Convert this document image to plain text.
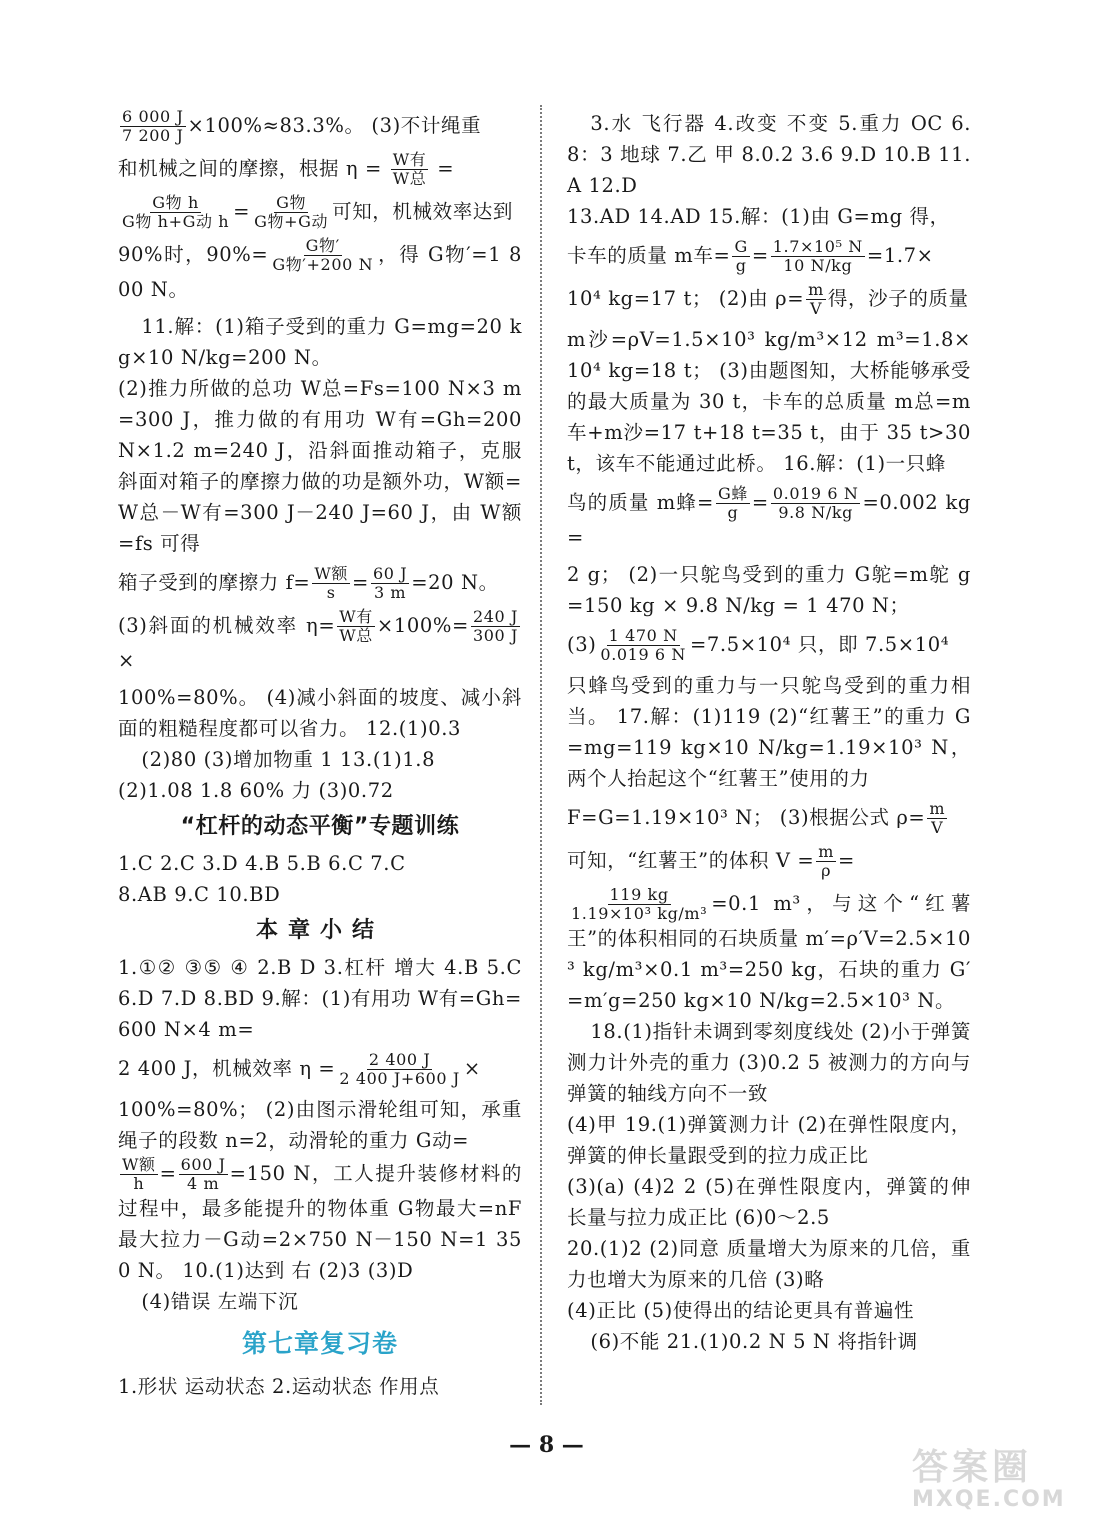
$\frac{6 000 J}{7 200 J} \times 100\%\approx 83.3\%$。 (3)不计绳重

和机械之间的摩擦，根据 $\eta = \frac{\text{W有}}{\text{W总}}$ =

$\frac{\text{G物 h}}{\text{G物 h+G动 h}} = \frac{\text{G物}}{\text{G物+G动}}$ 可知，机械效率达到

90%时，$90\%= \frac{\text{G物′}}{\text{G物′+200 N}}$ ，得 G物′=1 800 N。

11.解：(1)箱子受到的重力 G=mg=20 kg×10 N/kg=200 N。

(2)推力所做的总功 W总=Fs=100 N×3 m=300 J，推力做的有用功 W有=Gh=200 N×1.2 m=240 J，沿斜面推动箱子，克服斜面对箱子的摩擦力做的功是额外功，W额=W总－W有=300 J－240 J=60 J，由 W额=fs 可得

箱子受到的摩擦力 $f= \frac{\text{W额}}{s} = \frac{60 J}{3 m} =20$ N。

(3)斜面的机械效率 $\eta= \frac{\text{W有}}{\text{W总}} \times 100\%= \frac{240 J}{300 J}$
×

100%=80%。 (4)减小斜面的坡度、减小斜面的粗糙程度都可以省力。 12.(1)0.3

(2)80 (3)增加物重 1 13.(1)1.8

(2)1.08 1.8 60% 力 (3)0.72

“杠杆的动态平衡”专题训练

1.C 2.C 3.D 4.B 5.B 6.C 7.C

8.AB 9.C 10.BD

本章小结

1.①② ③⑤ ④ 2.B D 3.杠杆 增大 4.B 5.C 6.D 7.D 8.BD 9.解：(1)有用功 W有=Gh=600 N×4 m=

2 400 J，机械效率 $\eta = \frac{2 400 J}{2 400 J+600 J}$ ×

100%=80%； (2)由图示滑轮组可知，承重绳子的段数 n=2，动滑轮的重力 G动=

$\frac{\text{W额}}{h} = \frac{600 J}{4 m} =150$ N，工人提升装修材料的过程中，最多能提升的物体重 G物最大=nF最大拉力－G动=2×750 N－150 N=1 350 N。 10.(1)达到 右 (2)3 (3)D

(4)错误 左端下沉

第七章复习卷

1.形状 运动状态 2.运动状态 作用点

3.水 飞行器 4.改变 不变 5.重力 OC 6.8：3 地球 7.乙 甲 8.0.2 3.6 9.D 10.B 11.A 12.D

13.AD 14.AD 15.解：(1)由 G=mg 得，

卡车的质量 m车= $\frac{G}{g} = \frac{\text{1.7×10⁵ N}}{10 N/kg} =1.7\times$

10⁴ kg=17 t； (2)由 $\rho= \frac{m}{V}$ 得，沙子的质量

m沙=ρV=1.5×10³ kg/m³×12 m³=1.8×10⁴ kg=18 t； (3)由题图知，大桥能够承受的最大质量为 30 t，卡车的总质量 m总=m车+m沙=17 t+18 t=35 t，由于 35 t>30 t，该车不能通过此桥。 16.解：(1)一只蜂

鸟的质量 m蜂= $\frac{\text{G蜂}}{g} = \frac{0.019 6 N}{9.8 N/kg} =0.002$ kg=

2 g； (2)一只鸵鸟受到的重力 G鸵=m鸵 g=150 kg × 9.8 N/kg = 1 470 N；

$(3) \frac{1 470 N}{0.019 6 N} =7.5\times 10^4$ 只，即 7.5×10⁴

只蜂鸟受到的重力与一只鸵鸟受到的重力相当。 17.解：(1)119 (2)“红薯王”的重力 G=mg=119 kg×10 N/kg=1.19×10³ N，两个人抬起这个“红薯王”使用的力

F=G=1.19×10³ N； (3)根据公式 $\rho= \frac{m}{V}$

可知，“红薯王”的体积 $V = \frac{m}{\rho}$ =

$\frac{119 kg}{\text{1.19×10³ kg/m³}} =0.1$ m³，与这个“红薯王”的体积相同的石块质量 m′=ρ′V=2.5×10³ kg/m³×0.1 m³=250 kg，石块的重力 G′=m′g=250 kg×10 N/kg=2.5×10³ N。

18.(1)指针未调到零刻度线处 (2)小于弹簧测力计外壳的重力 (3)0.2 5 被测力的方向与弹簧的轴线方向不一致

(4)甲 19.(1)弹簧测力计 (2)在弹性限度内，弹簧的伸长量跟受到的拉力成正比

(3)(a) (4)2 2 (5)在弹性限度内，弹簧的伸长量与拉力成正比 (6)0～2.5

20.(1)2 (2)同意 质量增大为原来的几倍，重力也增大为原来的几倍 (3)略

(4)正比 (5)使得出的结论更具有普遍性

(6)不能 21.(1)0.2 N 5 N 将指针调

— 8 —
答案圈
MXQE.COM
